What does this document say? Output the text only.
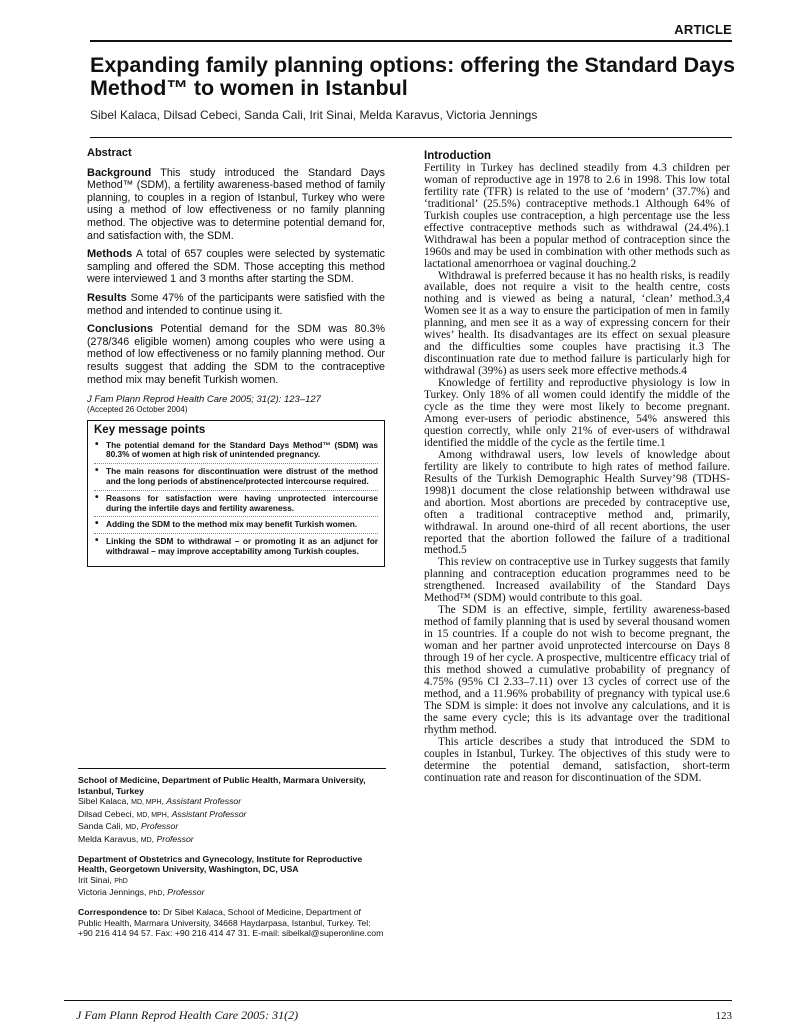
ARTICLE
Expanding family planning options: offering the Standard Days Method™ to women in Istanbul
Sibel Kalaca, Dilsad Cebeci, Sanda Cali, Irit Sinai, Melda Karavus, Victoria Jennings
Abstract

Background This study introduced the Standard Days Method™ (SDM), a fertility awareness-based method of family planning, to couples in a region of Istanbul, Turkey who were using a method of low effectiveness or no family planning method. The objective was to determine potential demand for, and satisfaction with, the SDM.

Methods A total of 657 couples were selected by systematic sampling and offered the SDM. Those accepting this method were interviewed 1 and 3 months after starting the SDM.

Results Some 47% of the participants were satisfied with the method and intended to continue using it.

Conclusions Potential demand for the SDM was 80.3% (278/346 eligible women) among couples who were using a method of low effectiveness or no family planning method. Our results suggest that adding the SDM to the contraceptive method mix may benefit Turkish women.

J Fam Plann Reprod Health Care 2005; 31(2): 123–127
(Accepted 26 October 2004)
Key message points
• The potential demand for the Standard Days Method™ (SDM) was 80.3% of women at high risk of unintended pregnancy.
• The main reasons for discontinuation were distrust of the method and the long periods of abstinence/protected intercourse required.
• Reasons for satisfaction were having unprotected intercourse during the infertile days and fertility awareness.
• Adding the SDM to the method mix may benefit Turkish women.
• Linking the SDM to withdrawal – or promoting it as an adjunct for withdrawal – may improve acceptability among Turkish couples.

School of Medicine, Department of Public Health, Marmara University, Istanbul, Turkey
Sibel Kalaca, MD, MPH, Assistant Professor
Dilsad Cebeci, MD, MPH, Assistant Professor
Sanda Cali, MD, Professor
Melda Karavus, MD, Professor

Department of Obstetrics and Gynecology, Institute for Reproductive Health, Georgetown University, Washington, DC, USA
Irit Sinai, PhD
Victoria Jennings, PhD, Professor

Correspondence to: Dr Sibel Kalaca, School of Medicine, Department of Public Health, Marmara University, 34668 Haydarpasa, Istanbul, Turkey. Tel: +90 216 414 94 57. Fax: +90 216 414 47 31. E-mail: sibelkal@superonline.com

Introduction

Fertility in Turkey has declined steadily from 4.3 children per woman of reproductive age in 1978 to 2.6 in 1998. This low total fertility rate (TFR) is related to the use of ‘modern’ (37.7%) and ‘traditional’ (25.5%) contraceptive methods.1 Although 64% of Turkish couples use contraception, a high percentage use the less effective contraceptive methods such as withdrawal (24.4%).1 Withdrawal has been a popular method of contraception since the 1960s and may be used in combination with other methods such as lactational amenorrhoea or vaginal douching.2

Withdrawal is preferred because it has no health risks, is readily available, does not require a visit to the health centre, costs nothing and is viewed as being a natural, ‘clean’ method.3,4 Women see it as a way to ensure the participation of men in family planning, and men see it as a way of expressing concern for their wives’ health. Its disadvantages are its effect on sexual pleasure and the difficulties some couples have practising it.3 The discontinuation rate due to method failure is particularly high for withdrawal (39%) as users seek more effective methods.4

Knowledge of fertility and reproductive physiology is low in Turkey. Only 18% of all women could identify the middle of the cycle as the time they were most likely to become pregnant. Among ever-users of periodic abstinence, 54% answered this question correctly, while only 21% of ever-users of withdrawal identified the middle of the cycle as the fertile time.1

Among withdrawal users, low levels of knowledge about fertility are likely to contribute to high rates of method failure. Results of the Turkish Demographic Health Survey’98 (TDHS-1998)1 document the close relationship between withdrawal use and abortion. Most abortions are preceded by contraceptive use, often a traditional contraceptive method and, primarily, withdrawal. In around one-third of all recent abortions, the user reported that the abortion followed the failure of a traditional method.5

This review on contraceptive use in Turkey suggests that family planning and contraception education programmes need to be strengthened. Increased availability of the Standard Days Method™ (SDM) would contribute to this goal.

The SDM is an effective, simple, fertility awareness-based method of family planning that is used by several thousand women in 15 countries. If a couple do not wish to become pregnant, the woman and her partner avoid unprotected intercourse on Days 8 through 19 of her cycle. A prospective, multicentre efficacy trial of this method showed a cumulative probability of pregnancy of 4.75% (95% CI 2.33–7.11) over 13 cycles of correct use of the method, and a 11.96% probability of pregnancy with typical use.6 The SDM is simple: it does not involve any calculations, and it is the same every cycle; this is its advantage over the traditional rhythm method.

This article describes a study that introduced the SDM to couples in Istanbul, Turkey. The objectives of this study were to determine the potential demand, satisfaction, short-term continuation rate and reason for discontinuation of the SDM.

J Fam Plann Reprod Health Care 2005: 31(2)	123
